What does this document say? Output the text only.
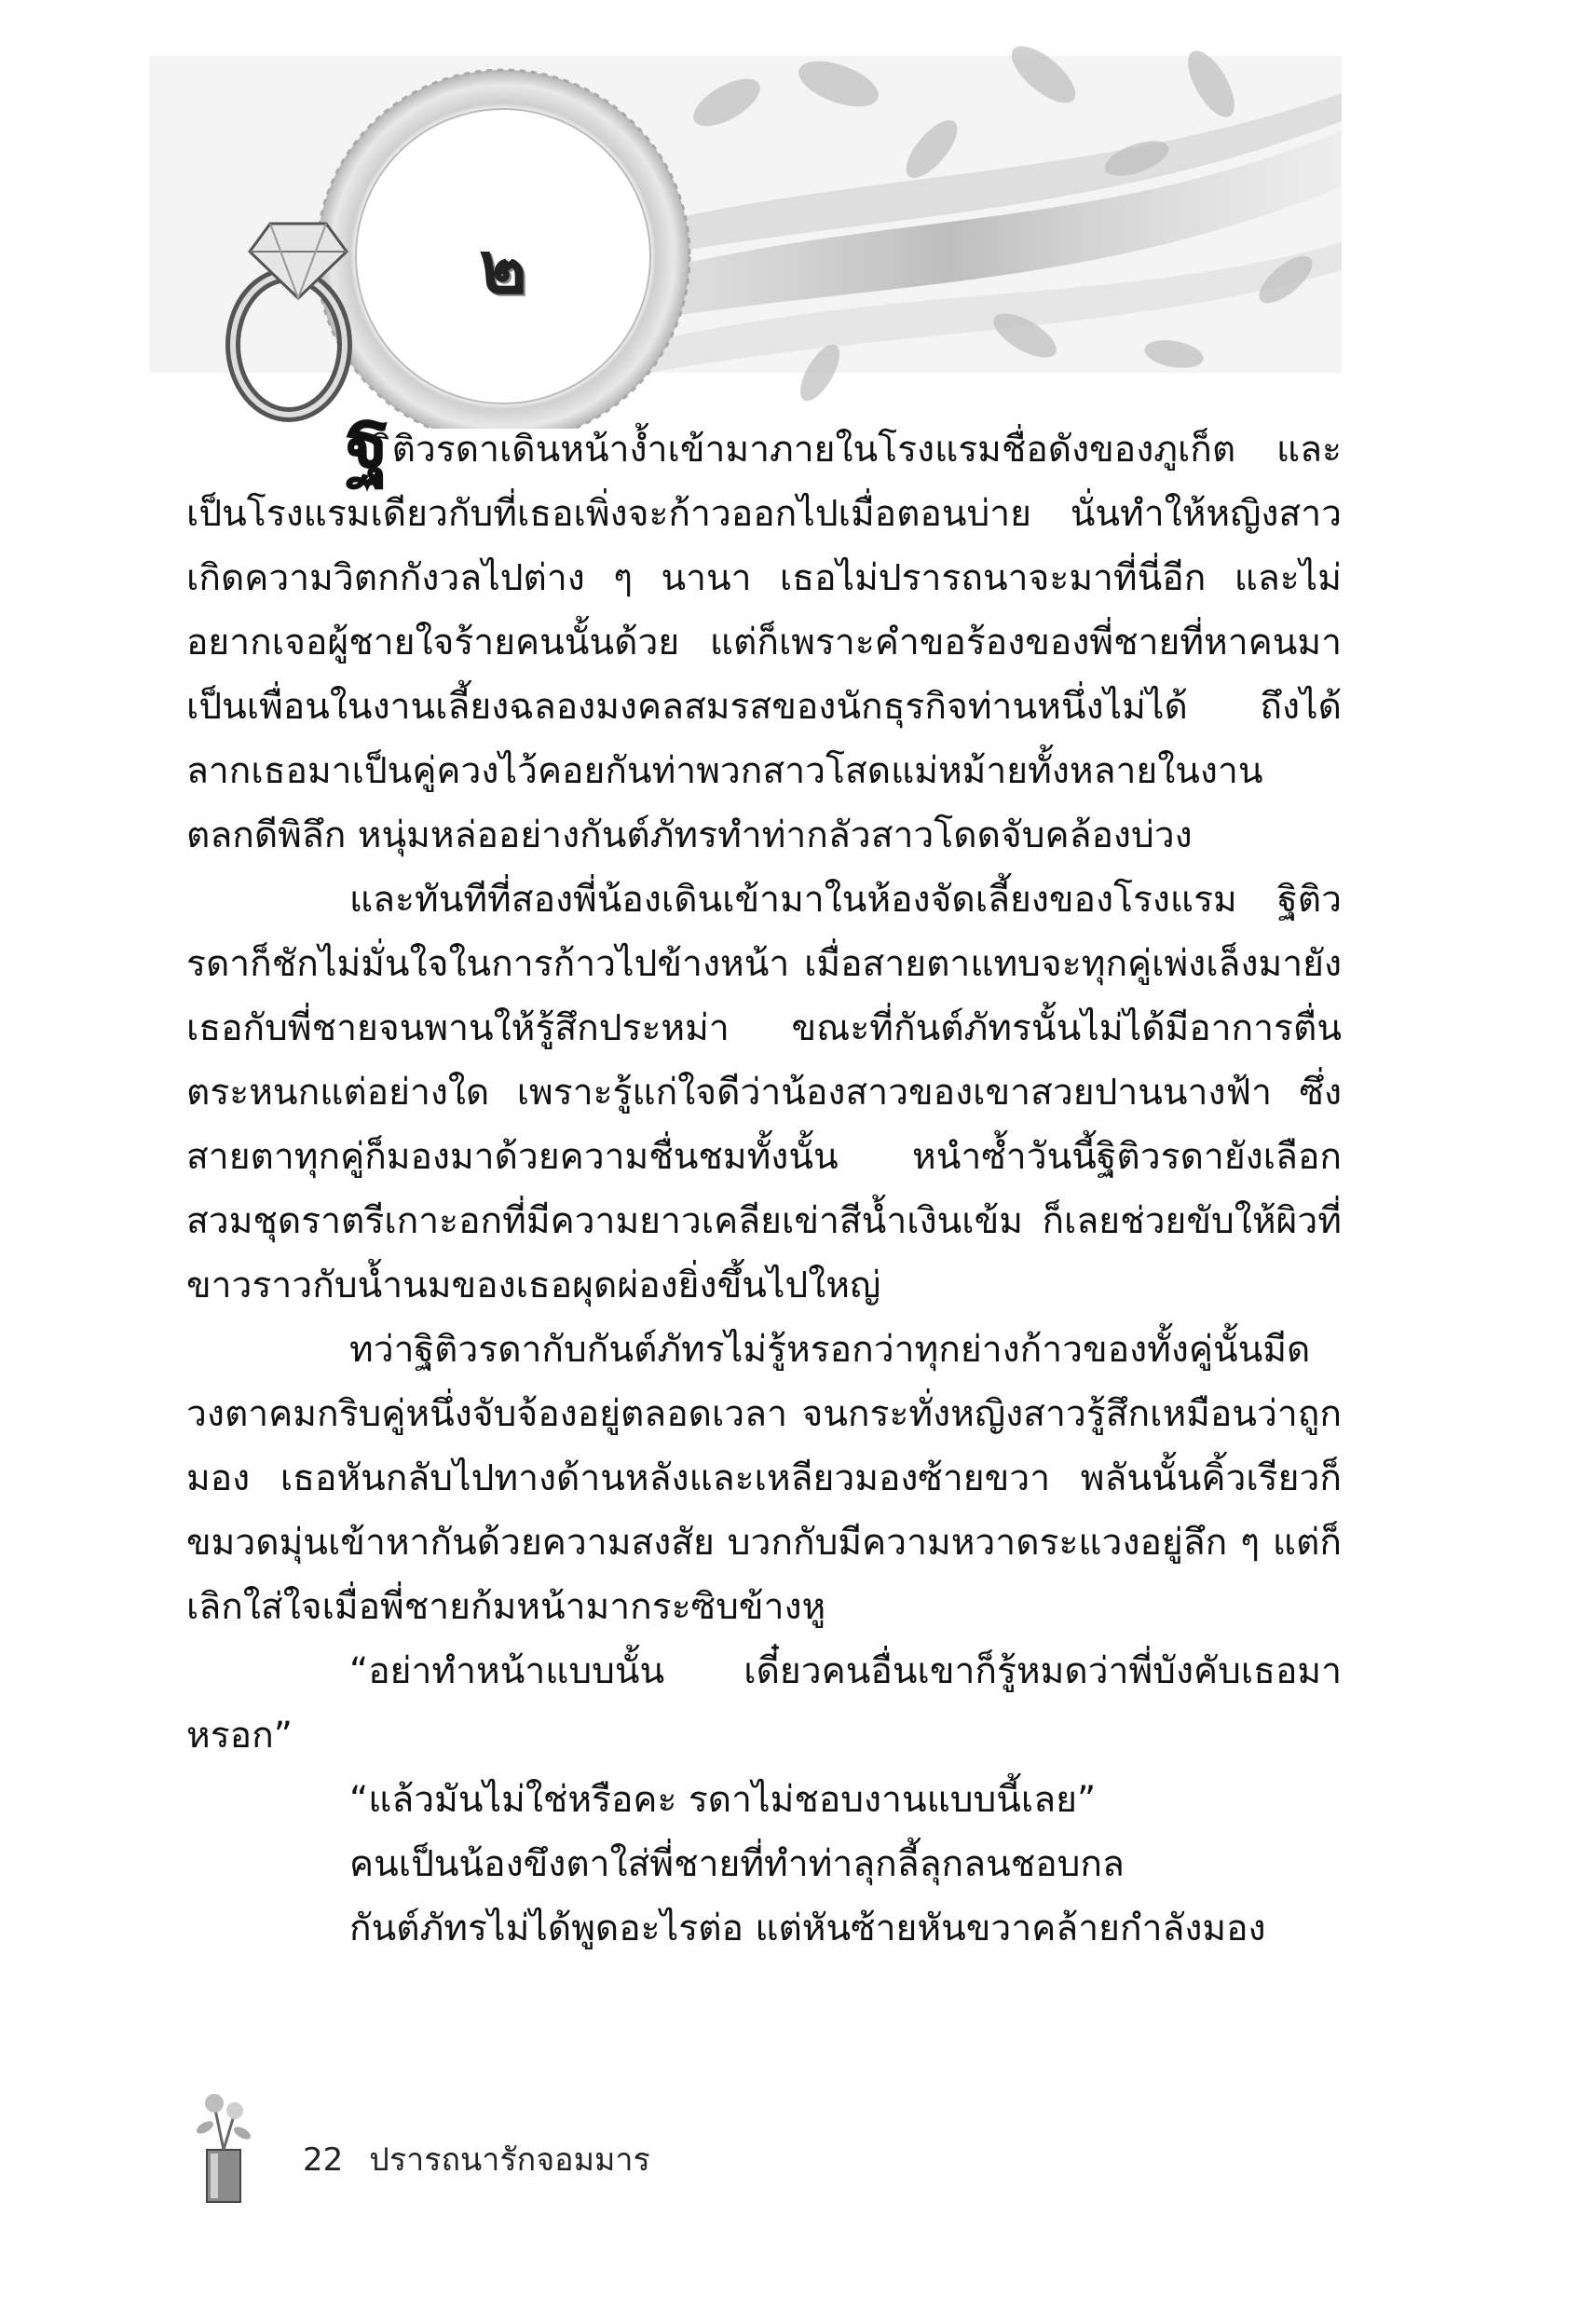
๒

ฐิติวรดาเดินหน้างํ้าเข้ามาภายในโรงแรมชื่อดังของภูเก็ต และเป็นโรงแรมเดียวกับที่เธอเพิ่งจะก้าวออกไปเมื่อตอนบ่าย นั่นทำให้หญิงสาวเกิดความวิตกกังวลไปต่าง ๆ นานา เธอไม่ปรารถนาจะมาที่นี่อีก และไม่อยากเจอผู้ชายใจร้ายคนนั้นด้วย แต่ก็เพราะคำขอร้องของพี่ชายที่หาคนมาเป็นเพื่อนในงานเลี้ยงฉลองมงคลสมรสของนักธุรกิจท่านหนึ่งไม่ได้ ถึงได้ลากเธอมาเป็นคู่ควงไว้คอยกันท่าพวกสาวโสดแม่หม้ายทั้งหลายในงาน ตลกดีพิลึก หนุ่มหล่ออย่างกันต์ภัทรทำท่ากลัวสาวโดดจับคล้องบ่วง

และทันทีที่สองพี่น้องเดินเข้ามาในห้องจัดเลี้ยงของโรงแรม ฐิติวรดาก็ชักไม่มั่นใจในการก้าวไปข้างหน้า เมื่อสายตาแทบจะทุกคู่เพ่งเล็งมายังเธอกับพี่ชายจนพานให้รู้สึกประหม่า ขณะที่กันต์ภัทรนั้นไม่ได้มีอาการตื่นตระหนกแต่อย่างใด เพราะรู้แก่ใจดีว่าน้องสาวของเขาสวยปานนางฟ้า ซึ่งสายตาทุกคู่ก็มองมาด้วยความชื่นชมทั้งนั้น หนำซ้ำวันนี้ฐิติวรดายังเลือกสวมชุดราตรีเกาะอกที่มีความยาวเคลียเข่าสีน้ำเงินเข้ม ก็เลยช่วยขับให้ผิวที่ขาวราวกับน้ำนมของเธอผุดผ่องยิ่งขึ้นไปใหญ่

ทว่าฐิติวรดากับกันต์ภัทรไม่รู้หรอกว่าทุกย่างก้าวของทั้งคู่นั้นมีดวงตาคมกริบคู่หนึ่งจับจ้องอยู่ตลอดเวลา จนกระทั่งหญิงสาวรู้สึกเหมือนว่าถูกมอง เธอหันกลับไปทางด้านหลังและเหลียวมองซ้ายขวา พลันนั้นคิ้วเรียวก็ขมวดมุ่นเข้าหากันด้วยความสงสัย บวกกับมีความหวาดระแวงอยู่ลึก ๆ แต่ก็เลิกใส่ใจเมื่อพี่ชายก้มหน้ามากระซิบข้างหู

“อย่าทำหน้าแบบนั้น เดี๋ยวคนอื่นเขาก็รู้หมดว่าพี่บังคับเธอมาหรอก”

“แล้วมันไม่ใช่หรือคะ รดาไม่ชอบงานแบบนี้เลย”

คนเป็นน้องขึงตาใส่พี่ชายที่ทำท่าลุกลี้ลุกลนชอบกล

กันต์ภัทรไม่ได้พูดอะไรต่อ แต่หันซ้ายหันขวาคล้ายกำลังมอง

22 ปรารถนารักจอมมาร
